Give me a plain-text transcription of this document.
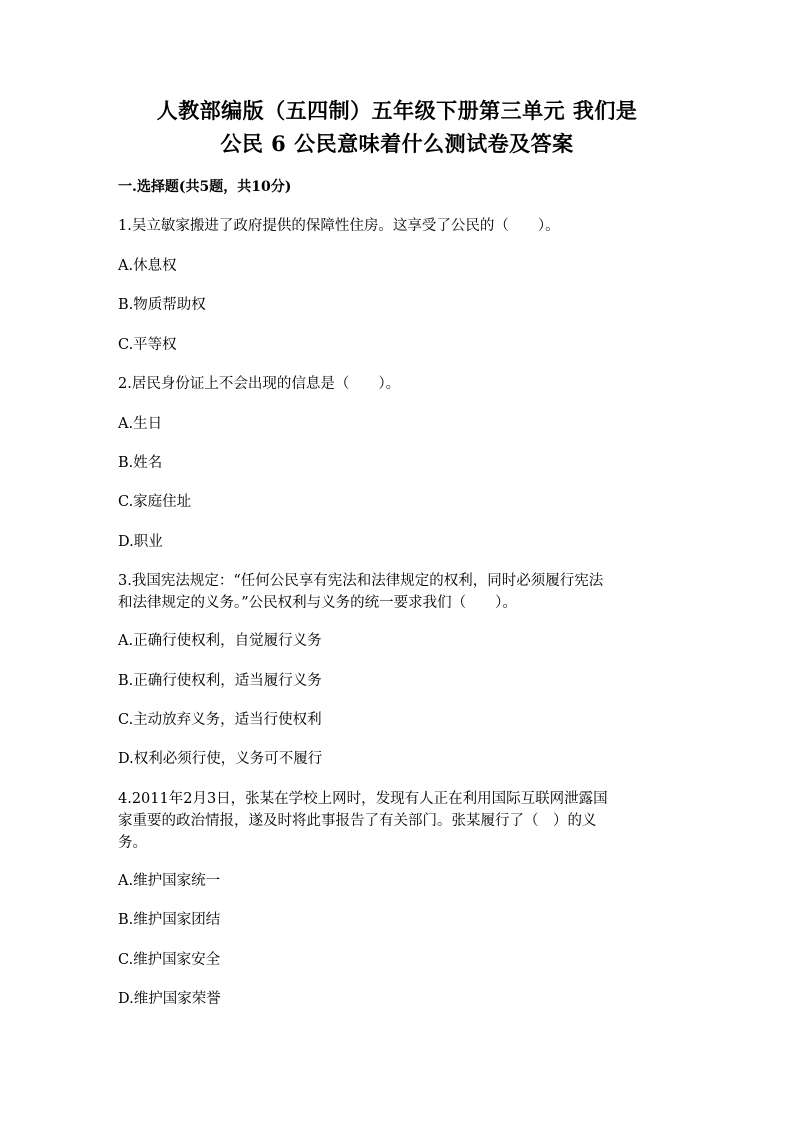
人教部编版（五四制）五年级下册第三单元 我们是
公民 6 公民意味着什么测试卷及答案
一.选择题(共5题，共10分)
1.吴立敏家搬进了政府提供的保障性住房。这享受了公民的（　　）。
A.休息权
B.物质帮助权
C.平等权
2.居民身份证上不会出现的信息是（　　）。
A.生日
B.姓名
C.家庭住址
D.职业
3.我国宪法规定：“任何公民享有宪法和法律规定的权利，同时必须履行宪法
和法律规定的义务。”公民权利与义务的统一要求我们（　　）。
A.正确行使权利，自觉履行义务
B.正确行使权利，适当履行义务
C.主动放弃义务，适当行使权利
D.权利必须行使，义务可不履行
4.2011年2月3日，张某在学校上网时，发现有人正在利用国际互联网泄露国
家重要的政治情报，遂及时将此事报告了有关部门。张某履行了（　）的义
务。
A.维护国家统一
B.维护国家团结
C.维护国家安全
D.维护国家荣誉
